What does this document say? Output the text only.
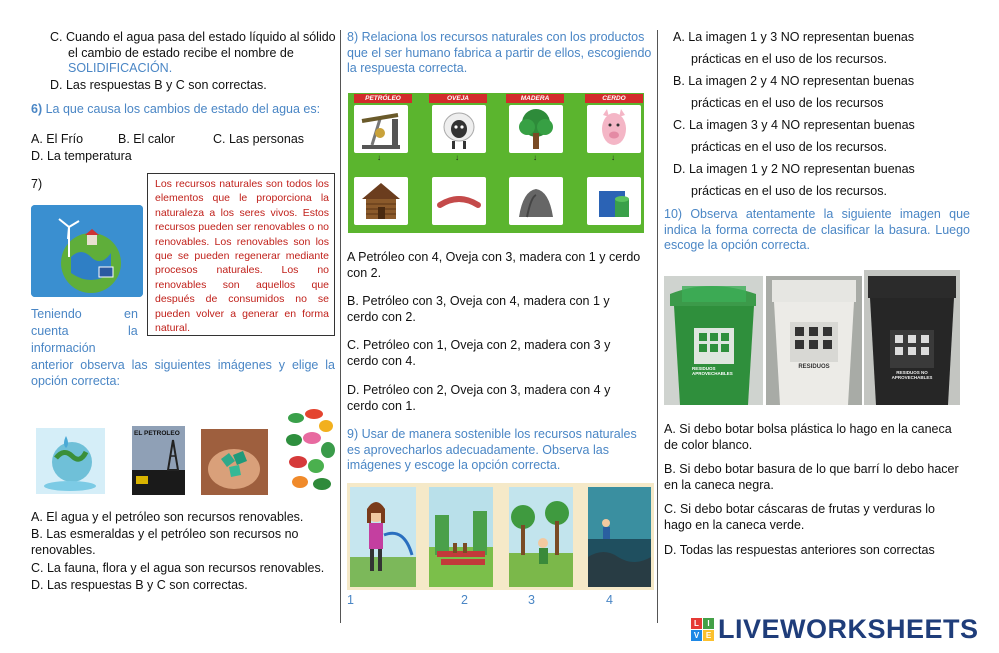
C. Cuando el agua pasa del estado líquido al sólido el cambio de estado recibe el nombre de SOLIDIFICACIÓN.
D. Las respuestas B y C son correctas.
6) La que causa los cambios de estado del agua es:
A. El Frío	B. El calor	C. Las personas
D. La temperatura
7)	Los recursos naturales son todos los elementos que le proporciona la naturaleza a los seres vivos. Estos recursos pueden ser renovables o no renovables. Los renovables son los que se pueden regenerar mediante procesos naturales. Los no renovables son aquellos que después de consumidos no se pueden volver a generar en forma natural.
Teniendo	en
cuenta	la
información
anterior observa las siguientes imágenes y elige la opción correcta:
EL PETROLEO
A. El agua y el petróleo son recursos renovables.
B. Las esmeraldas y el petróleo son recursos no renovables.
C. La fauna, flora y el agua son recursos renovables.
D. Las respuestas B y C son correctas.
8) Relaciona los recursos naturales con los productos que el ser humano fabrica a partir de ellos, escogiendo la respuesta correcta.
PETRÓLEO	OVEJA	MADERA	CERDO
↓	↓	↓	↓
A Petróleo con 4, Oveja con 3, madera con 1 y cerdo con 2.
B. Petróleo con 3, Oveja con 4, madera con 1 y cerdo con 2.
C. Petróleo con 1, Oveja con 2, madera con 3 y cerdo con 4.
D. Petróleo con 2, Oveja con 3, madera con 4 y cerdo con 1.
9) Usar de manera sostenible los recursos naturales es aprovecharlos adecuadamente. Observa las imágenes y escoge la opción correcta.
1	2	3	4
A. La imagen 1 y 3 NO representan buenas
prácticas en el uso de los recursos.
B. La imagen 2 y 4 NO representan buenas
prácticas en el uso de los recursos
C. La imagen 3 y 4 NO representan buenas
prácticas en el uso de los recursos.
D. La imagen 1 y 2 NO representan buenas
prácticas en el uso de los recursos.
10) Observa atentamente la siguiente imagen que indica la forma correcta de clasificar la basura. Luego escoge la opción correcta.
RESIDUOS APROVECHABLES
RESIDUOS
RESIDUOS NO APROVECHABLES
A. Si debo botar bolsa plástica lo hago en la caneca de color blanco.
B. Si debo botar basura de lo que barrí lo debo hacer en la caneca negra.
C. Si debo botar cáscaras de frutas y verduras lo hago en la caneca verde.
D. Todas las respuestas anteriores son correctas
L	I
V E LIVEWORKSHEETS
